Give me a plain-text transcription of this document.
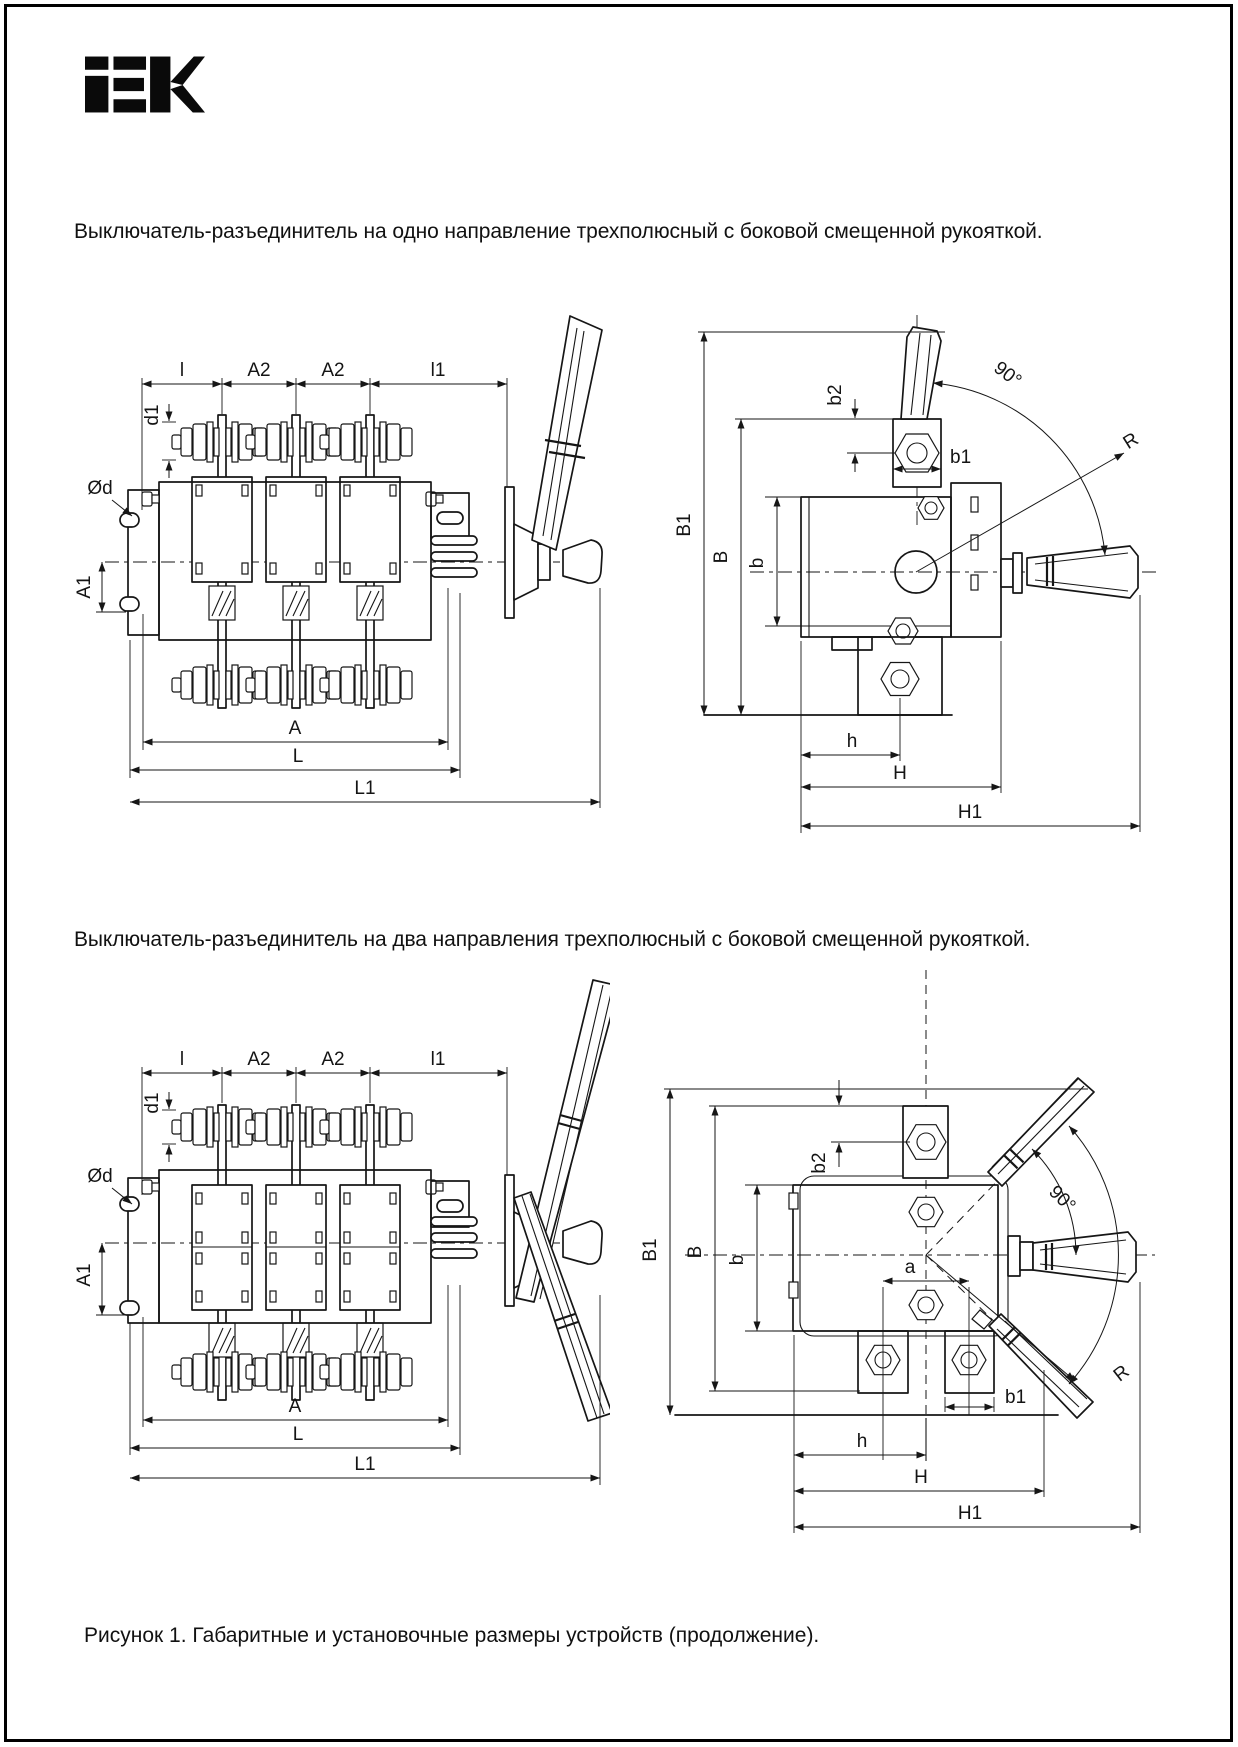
Выключатель-разъединитель на одно направление трехполюсный с боковой смещенной рукояткой.
Выключатель-разъединитель на два направления трехполюсный с боковой смещенной рукояткой.
Рисунок 1. Габаритные и установочные размеры устройств (продолжение).
l	A2	A2	l1
d1
Ød
A1
A
L
L1
B1
B b
b2
b1
90°
R
h
H
H1
l	A2	A2	l1
d1
Ød
A1
A
L
L1
B1 B
b
b2
a
b1
90°
R
h
H
H1
